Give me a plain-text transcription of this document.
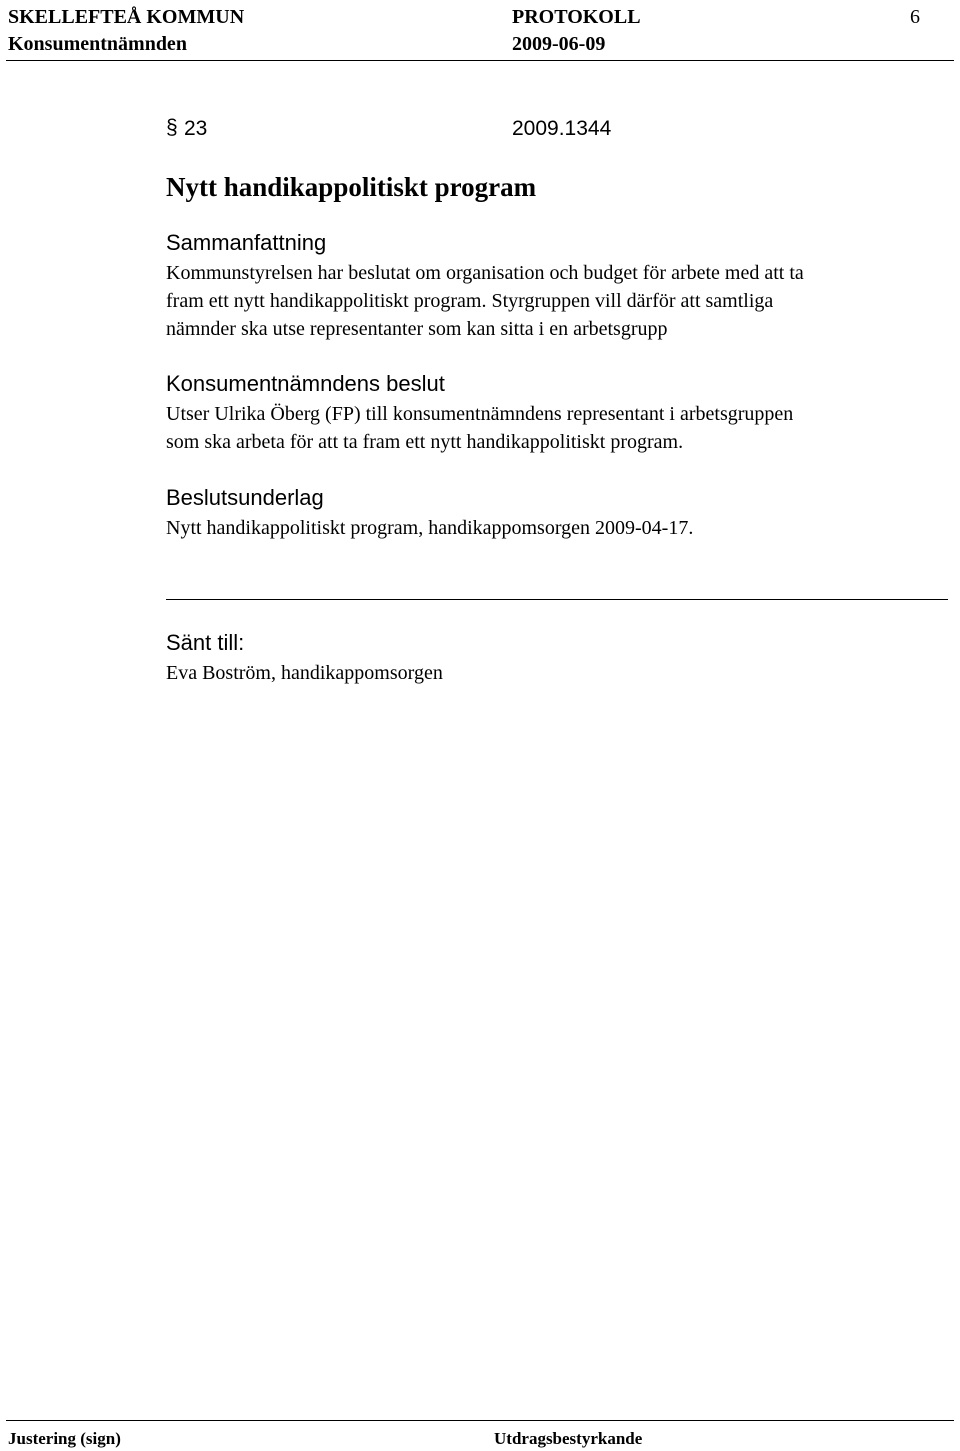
SKELLEFTEÅ KOMMUN	PROTOKOLL	6
Konsumentnämnden	2009-06-09
§ 23	2009.1344
Nytt handikappolitiskt program
Sammanfattning
Kommunstyrelsen har beslutat om organisation och budget för arbete med att ta
fram ett nytt handikappolitiskt program. Styrgruppen vill därför att samtliga
nämnder ska utse representanter som kan sitta i en arbetsgrupp
Konsumentnämndens beslut
Utser Ulrika Öberg (FP) till konsumentnämndens representant i arbetsgruppen
som ska arbeta för att ta fram ett nytt handikappolitiskt program.
Beslutsunderlag
Nytt handikappolitiskt program, handikappomsorgen 2009-04-17.
Sänt till:
Eva Boström, handikappomsorgen
Justering (sign)	Utdragsbestyrkande
